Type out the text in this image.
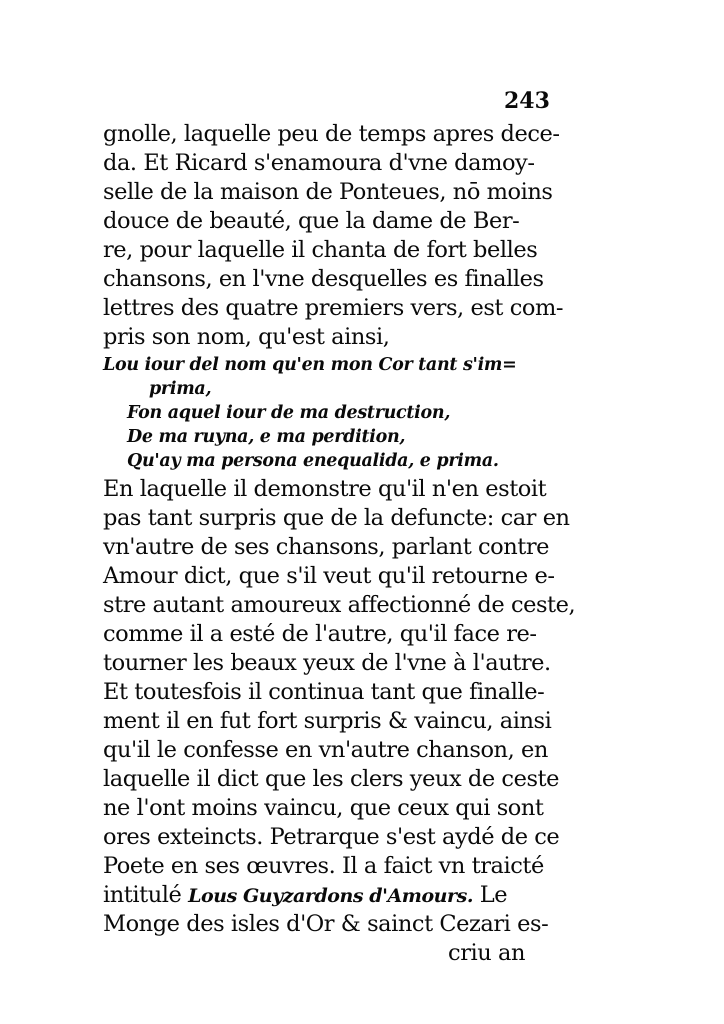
243
gnolle, laquelle peu de temps apres dece-
da. Et Ricard s'enamoura d'vne damoy-
selle de la maison de Ponteues, nō moins
douce de beauté, que la dame de Ber-
re, pour laquelle il chanta de fort belles
chansons, en l'vne desquelles es finalles
lettres des quatre premiers vers, est com-
pris son nom, qu'est ainsi,
Lou iour del nom qu'en mon Cor tant s'im=
prima,
Fon aquel iour de ma destruction,
De ma ruyna, e ma perdition,
Qu'ay ma persona enequalida, e prima.
En laquelle il demonstre qu'il n'en estoit
pas tant surpris que de la defuncte: car en
vn'autre de ses chansons, parlant contre
Amour dict, que s'il veut qu'il retourne e-
stre autant amoureux affectionné de ceste,
comme il a esté de l'autre, qu'il face re-
tourner les beaux yeux de l'vne à l'autre.
Et toutesfois il continua tant que finalle-
ment il en fut fort surpris & vaincu, ainsi
qu'il le confesse en vn'autre chanson, en
laquelle il dict que les clers yeux de ceste
ne l'ont moins vaincu, que ceux qui sont
ores exteincts. Petrarque s'est aydé de ce
Poete en ses œuvres. Il a faict vn traicté
intitulé Lous Guyzardons d'Amours. Le
Monge des isles d'Or & sainct Cezari es-
criu an
